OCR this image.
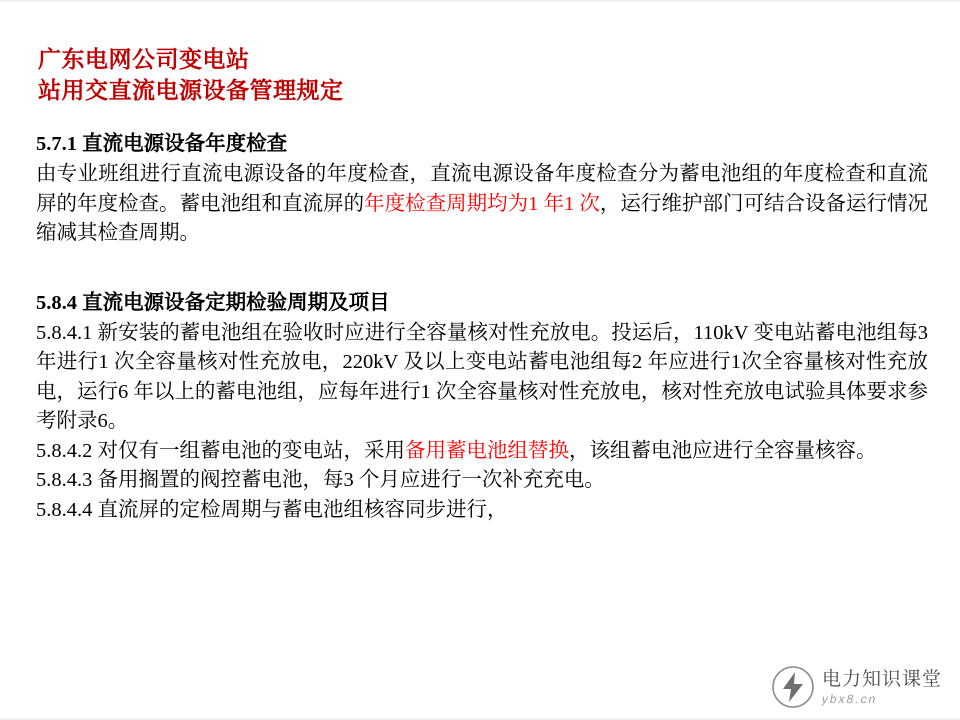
广东电网公司变电站
站用交直流电源设备管理规定
5.7.1 直流电源设备年度检查

由专业班组进行直流电源设备的年度检查，直流电源设备年度检查分为蓄电池组的年度检查和直流屏的年度检查。蓄电池组和直流屏的年度检查周期均为1 年1 次，运行维护部门可结合设备运行情况缩减其检查周期。

5.8.4 直流电源设备定期检验周期及项目

5.8.4.1 新安装的蓄电池组在验收时应进行全容量核对性充放电。投运后，110kV 变电站蓄电池组每3 年进行1 次全容量核对性充放电，220kV 及以上变电站蓄电池组每2 年应进行1次全容量核对性充放电，运行6 年以上的蓄电池组，应每年进行1 次全容量核对性充放电，核对性充放电试验具体要求参考附录6。

5.8.4.2 对仅有一组蓄电池的变电站，采用备用蓄电池组替换，该组蓄电池应进行全容量核容。

5.8.4.3 备用搁置的阀控蓄电池，每3 个月应进行一次补充充电。

5.8.4.4 直流屏的定检周期与蓄电池组核容同步进行，

电力知识课堂
ybx8.cn
